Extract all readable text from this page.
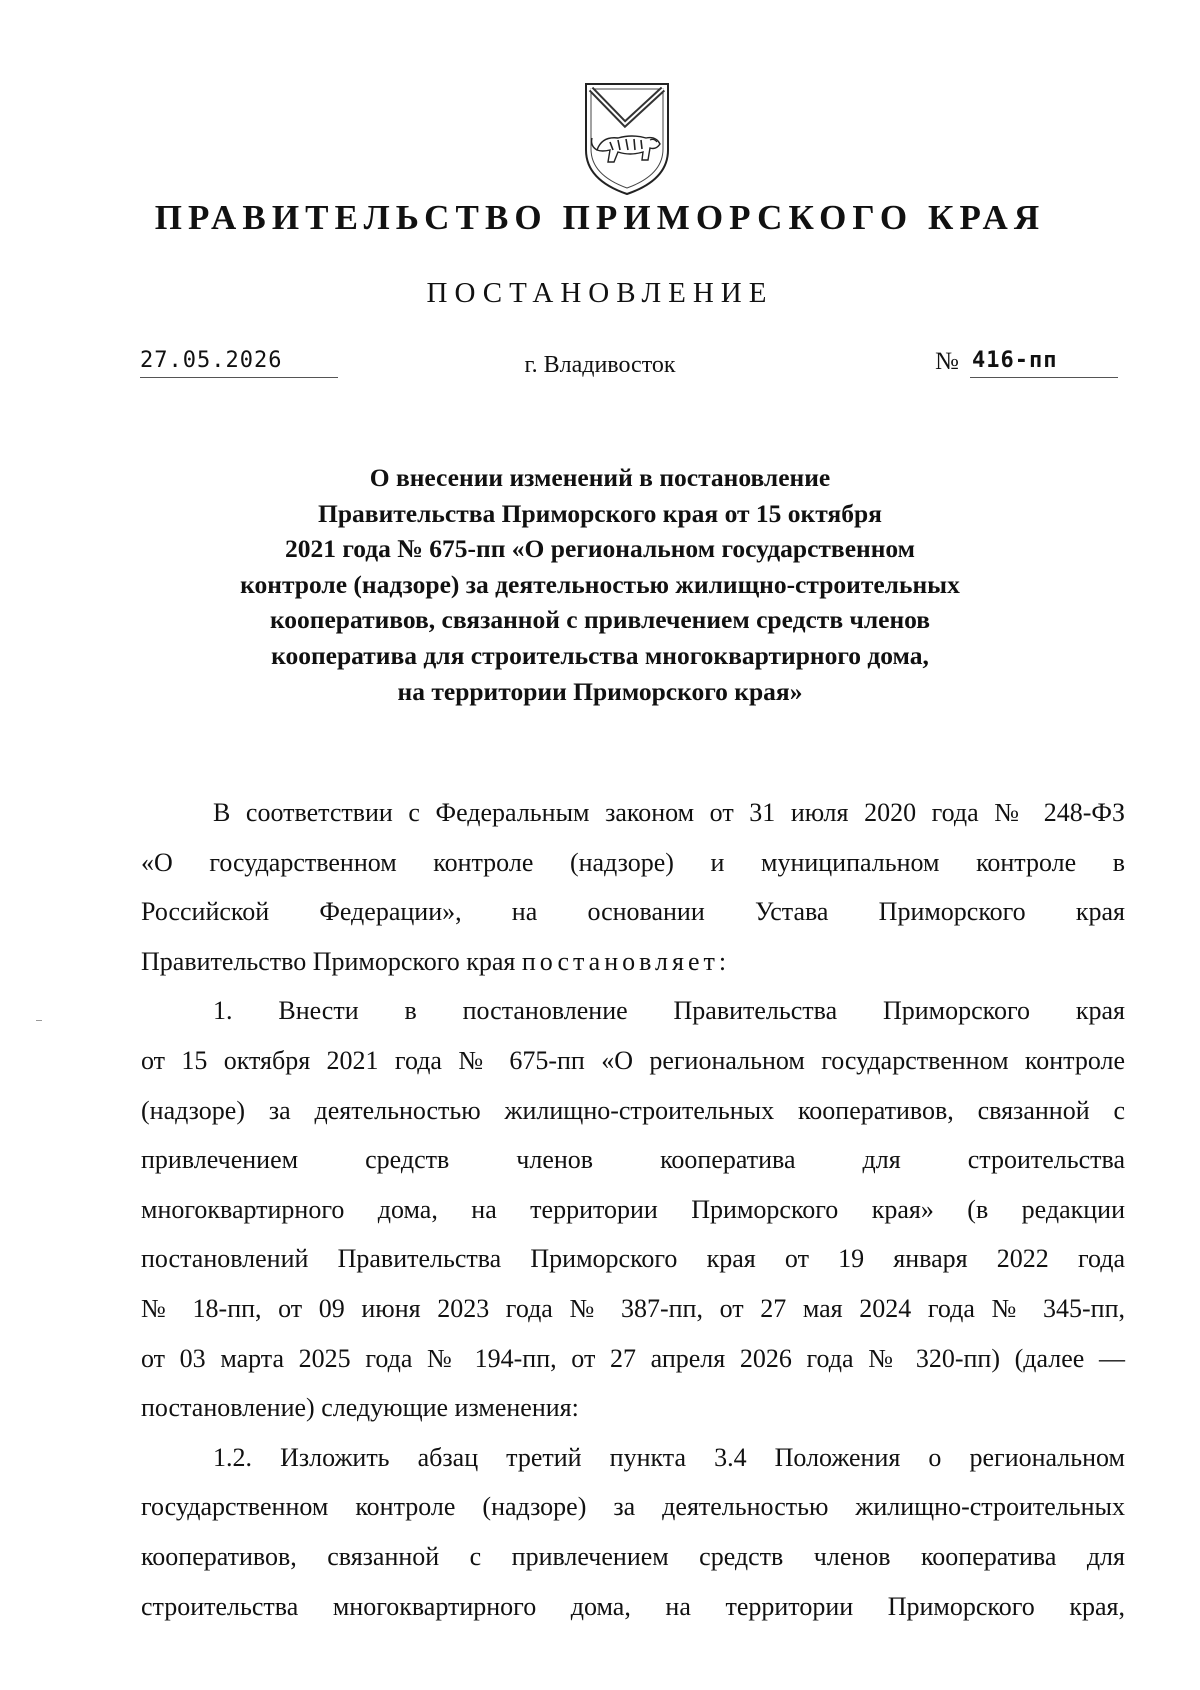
ПРАВИТЕЛЬСТВО ПРИМОРСКОГО КРАЯ
ПОСТАНОВЛЕНИЕ
27.05.2026	г. Владивосток	№ 416-пп
О внесении изменений в постановление
Правительства Приморского края от 15 октября
2021 года № 675-пп «О региональном государственном
контроле (надзоре) за деятельностью жилищно-строительных
кооперативов, связанной с привлечением средств членов
кооператива для строительства многоквартирного дома,
на территории Приморского края»
В соответствии с Федеральным законом от 31 июля 2020 года № 248-ФЗ
«О государственном контроле (надзоре) и муниципальном контроле в
Российской Федерации», на основании Устава Приморского края
Правительство Приморского края постановляет:
1. Внести в постановление Правительства Приморского края
от 15 октября 2021 года № 675-пп «О региональном государственном контроле
(надзоре) за деятельностью жилищно-строительных кооперативов, связанной с
привлечением средств членов кооператива для строительства
многоквартирного дома, на территории Приморского края» (в редакции
постановлений Правительства Приморского края от 19 января 2022 года
№ 18-пп, от 09 июня 2023 года № 387-пп, от 27 мая 2024 года № 345-пп,
от 03 марта 2025 года № 194-пп, от 27 апреля 2026 года № 320-пп) (далее —
постановление) следующие изменения:
1.2. Изложить абзац третий пункта 3.4 Положения о региональном
государственном контроле (надзоре) за деятельностью жилищно-строительных
кооперативов, связанной с привлечением средств членов кооператива для
строительства многоквартирного дома, на территории Приморского края,
